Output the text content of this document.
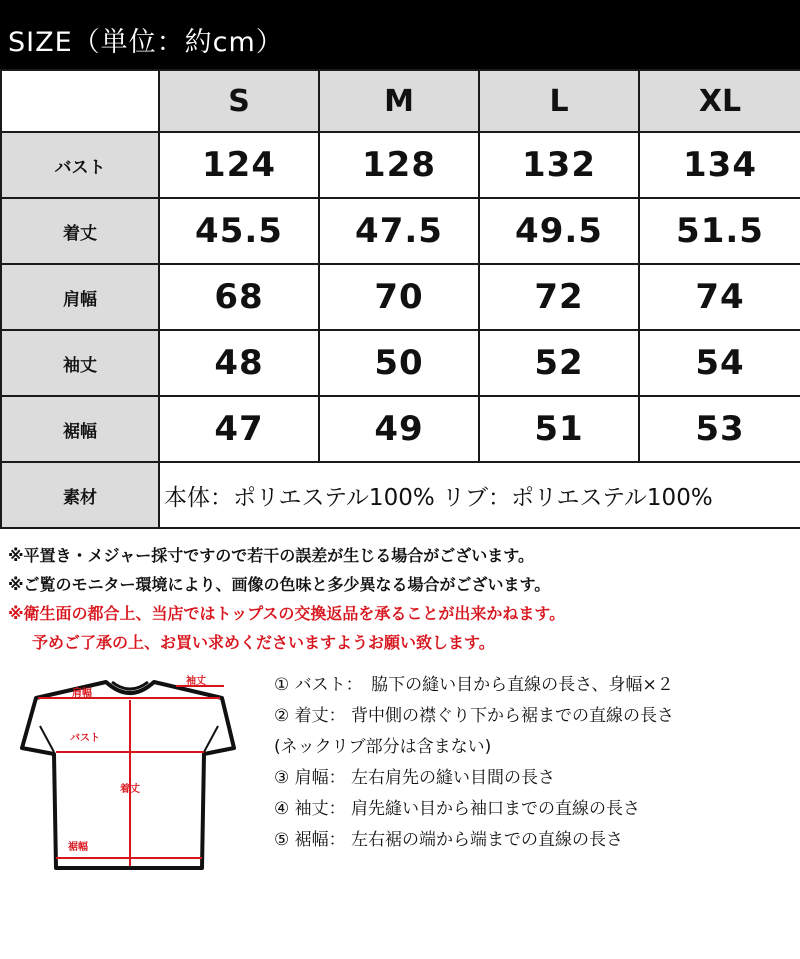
SIZE（単位：約cm）
	S	M	L	XL
バスト	124	128	132	134
着丈	45.5	47.5	49.5	51.5
肩幅	68	70	72	74
袖丈	48	50	52	54
裾幅	47	49	51	53
素材	本体：ポリエステル100% リブ：ポリエステル100%			
※平置き・メジャー採寸ですので若干の誤差が生じる場合がございます。
※ご覧のモニター環境により、画像の色味と多少異なる場合がございます。
※衛生面の都合上、当店ではトップスの交換返品を承ることが出来かねます。
予めご了承の上、お買い求めくださいますようお願い致します。
袖丈
肩幅
バスト
着丈
裾幅
① バスト：　脇下の縫い目から直線の長さ、身幅×２
② 着丈： 背中側の襟ぐり下から裾までの直線の長さ
(ネックリブ部分は含まない)
③ 肩幅： 左右肩先の縫い目間の長さ
④ 袖丈： 肩先縫い目から袖口までの直線の長さ
⑤ 裾幅： 左右裾の端から端までの直線の長さ
